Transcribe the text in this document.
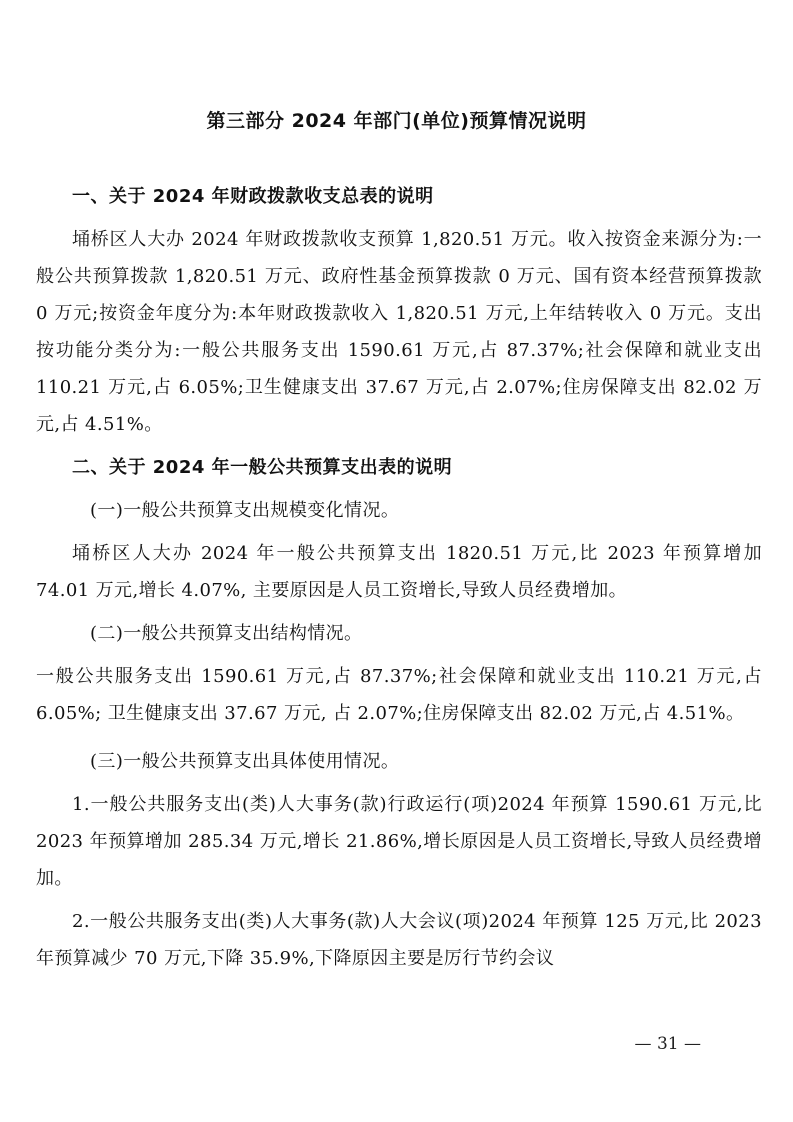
第三部分 2024 年部门(单位)预算情况说明

一、关于 2024 年财政拨款收支总表的说明

埇桥区人大办 2024 年财政拨款收支预算 1,820.51 万元。收入按资金来源分为:一般公共预算拨款 1,820.51 万元、政府性基金预算拨款 0 万元、国有资本经营预算拨款 0 万元;按资金年度分为:本年财政拨款收入 1,820.51 万元,上年结转收入 0 万元。支出按功能分类分为:一般公共服务支出 1590.61 万元,占 87.37%;社会保障和就业支出 110.21 万元,占 6.05%;卫生健康支出 37.67 万元,占 2.07%;住房保障支出 82.02 万元,占 4.51%。

二、关于 2024 年一般公共预算支出表的说明

(一)一般公共预算支出规模变化情况。

埇桥区人大办 2024 年一般公共预算支出 1820.51 万元,比 2023 年预算增加 74.01 万元,增长 4.07%, 主要原因是人员工资增长,导致人员经费增加。

(二)一般公共预算支出结构情况。

一般公共服务支出 1590.61 万元,占 87.37%;社会保障和就业支出 110.21 万元,占 6.05%; 卫生健康支出 37.67 万元, 占 2.07%;住房保障支出 82.02 万元,占 4.51%。

(三)一般公共预算支出具体使用情况。

1.一般公共服务支出(类)人大事务(款)行政运行(项)2024 年预算 1590.61 万元,比 2023 年预算增加 285.34 万元,增长 21.86%,增长原因是人员工资增长,导致人员经费增加。

2.一般公共服务支出(类)人大事务(款)人大会议(项)2024 年预算 125 万元,比 2023 年预算减少 70 万元,下降 35.9%,下降原因主要是厉行节约会议

— 31 —
